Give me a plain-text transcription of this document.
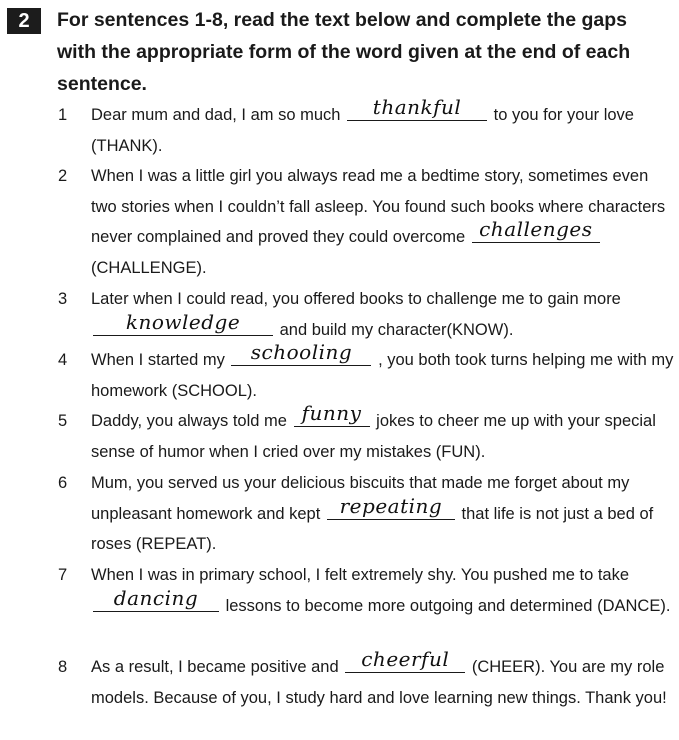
2	For sentences 1-8, read the text below and complete the gaps with the appropriate form of the word given at the end of each sentence.

1	Dear mum and dad, I am so much thankful to you for your love (THANK).
2	When I was a little girl you always read me a bedtime story, sometimes even two stories when I couldn’t fall asleep. You found such books where characters never complained and proved they could overcome challenges (CHALLENGE).
3	Later when I could read, you offered books to challenge me to gain more knowledge and build my character(KNOW).
4	When I started my schooling , you both took turns helping me with my homework (SCHOOL).
5	Daddy, you always told me funny jokes to cheer me up with your special sense of humor when I cried over my mistakes (FUN).
6	Mum, you served us your delicious biscuits that made me forget about my unpleasant homework and kept repeating that life is not just a bed of roses (REPEAT).
7	When I was in primary school, I felt extremely shy. You pushed me to take dancing lessons to become more outgoing and determined (DANCE).
8	As a result, I became positive and cheerful (CHEER). You are my role models. Because of you, I study hard and love learning new things. Thank you!
